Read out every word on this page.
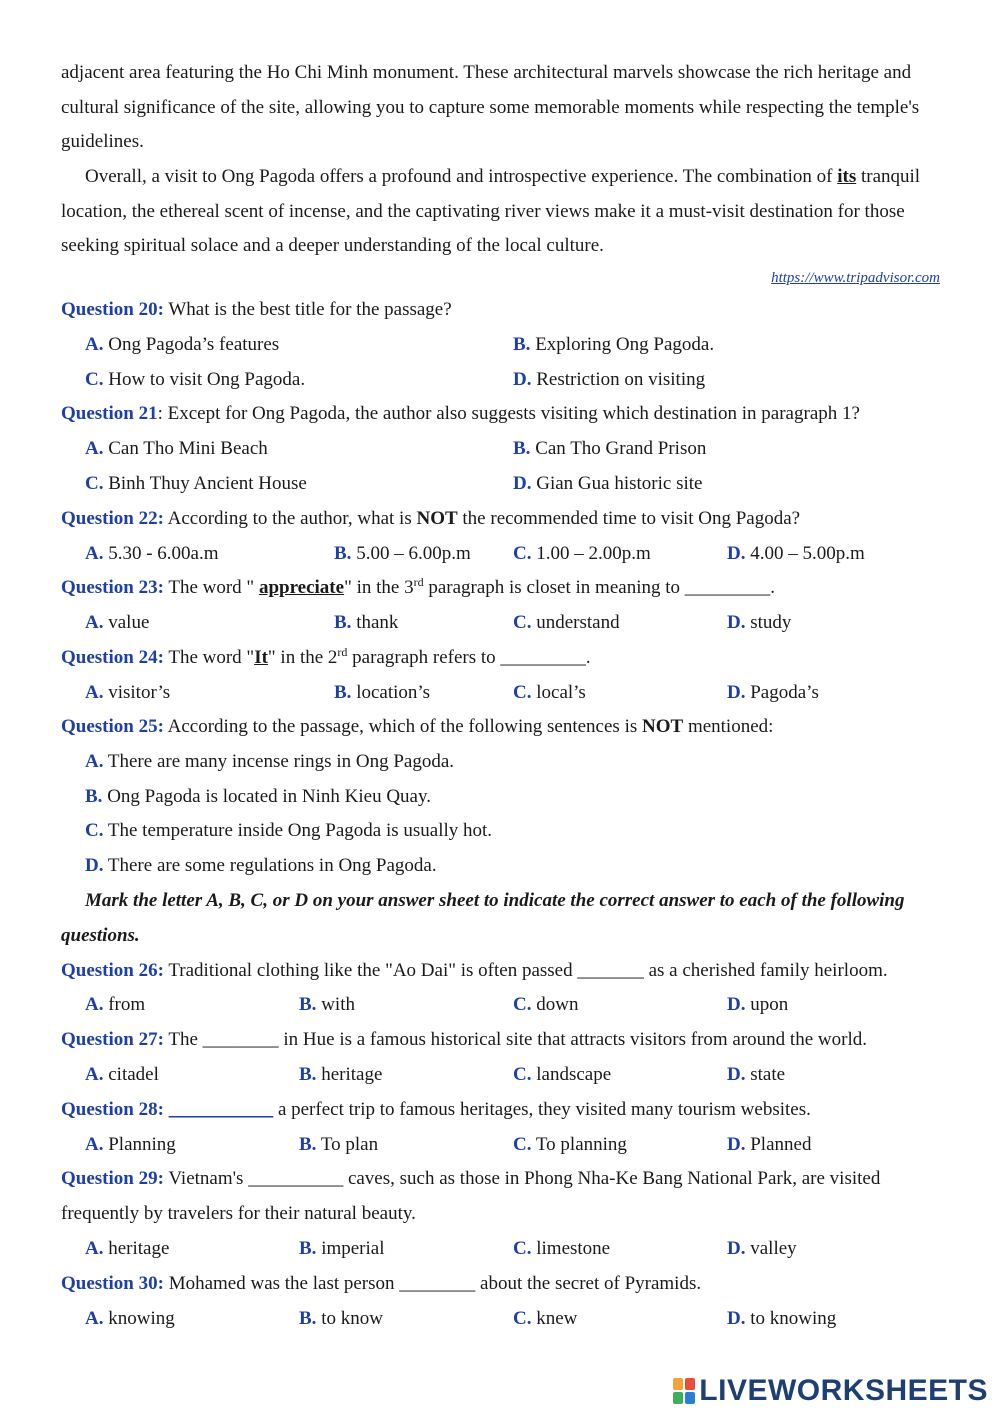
adjacent area featuring the Ho Chi Minh monument. These architectural marvels showcase the rich heritage and cultural significance of the site, allowing you to capture some memorable moments while respecting the temple's guidelines.

Overall, a visit to Ong Pagoda offers a profound and introspective experience. The combination of its tranquil location, the ethereal scent of incense, and the captivating river views make it a must-visit destination for those seeking spiritual solace and a deeper understanding of the local culture.

https://www.tripadvisor.com
Question 20: What is the best title for the passage?
A. Ong Pagoda’s features	B. Exploring Ong Pagoda.
C. How to visit Ong Pagoda.	D. Restriction on visiting
Question 21: Except for Ong Pagoda, the author also suggests visiting which destination in paragraph 1?
A. Can Tho Mini Beach	B. Can Tho Grand Prison
C. Binh Thuy Ancient House	D. Gian Gua historic site
Question 22: According to the author, what is NOT the recommended time to visit Ong Pagoda?
A. 5.30 - 6.00a.m	B. 5.00 – 6.00p.m C. 1.00 – 2.00p.m	D. 4.00 – 5.00p.m
Question 23: The word " appreciate" in the 3rd paragraph is closet in meaning to _________.
A. value	B. thank	C. understand	D. study
Question 24: The word "It" in the 2rd paragraph refers to _________.
A. visitor’s	B. location’s	C. local’s	D. Pagoda’s
Question 25: According to the passage, which of the following sentences is NOT mentioned:
A. There are many incense rings in Ong Pagoda.
B. Ong Pagoda is located in Ninh Kieu Quay.
C. The temperature inside Ong Pagoda is usually hot.
D. There are some regulations in Ong Pagoda.
Mark the letter A, B, C, or D on your answer sheet to indicate the correct answer to each of the following questions.
Question 26: Traditional clothing like the "Ao Dai" is often passed _______ as a cherished family heirloom.
A. from	B. with	C. down	D. upon
Question 27: The ________ in Hue is a famous historical site that attracts visitors from around the world.
A. citadel	B. heritage	C. landscape	D. state
Question 28: ___________ a perfect trip to famous heritages, they visited many tourism websites.
A. Planning	B. To plan	C. To planning	D. Planned
Question 29: Vietnam's __________ caves, such as those in Phong Nha-Ke Bang National Park, are visited frequently by travelers for their natural beauty.
A. heritage	B. imperial	C. limestone	D. valley
Question 30: Mohamed was the last person ________ about the secret of Pyramids.
A. knowing	B. to know	C. knew	D. to knowing
LIVEWORKSHEETS
